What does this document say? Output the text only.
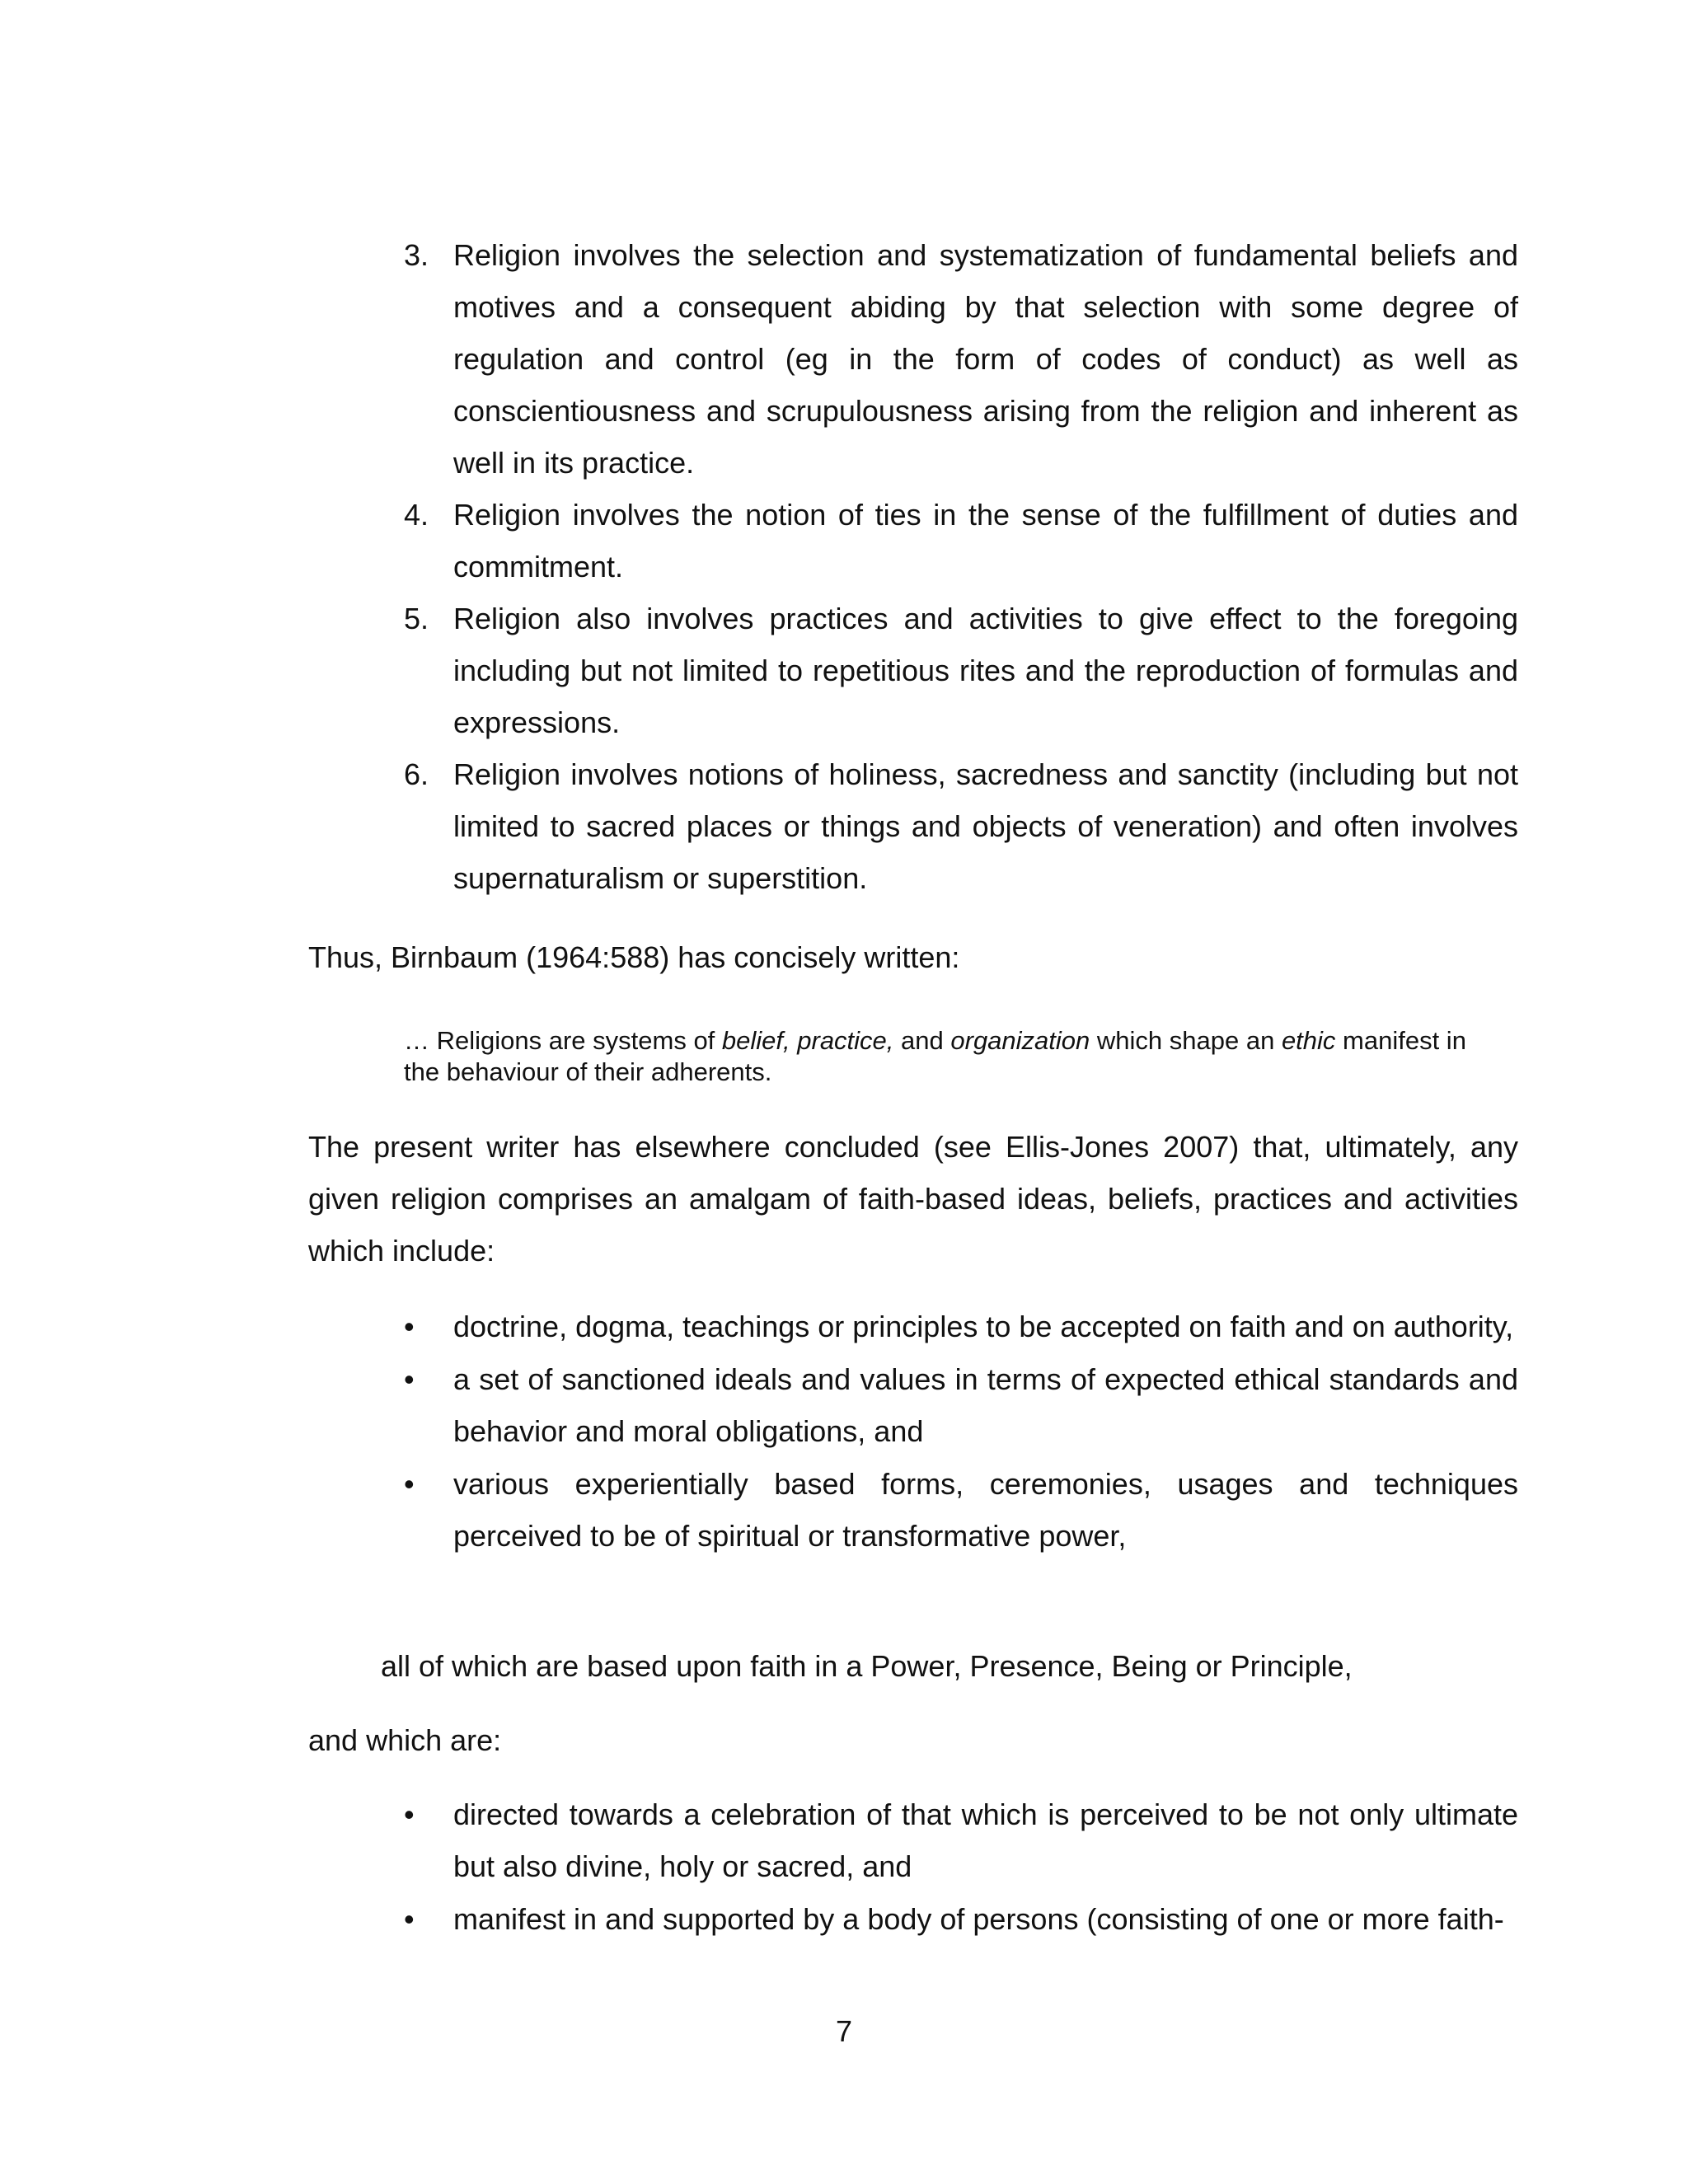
3. Religion involves the selection and systematization of fundamental beliefs and motives and a consequent abiding by that selection with some degree of regulation and control (eg in the form of codes of conduct) as well as conscientiousness and scrupulousness arising from the religion and inherent as well in its practice.
4. Religion involves the notion of ties in the sense of the fulfillment of duties and commitment.
5. Religion also involves practices and activities to give effect to the foregoing including but not limited to repetitious rites and the reproduction of formulas and expressions.
6. Religion involves notions of holiness, sacredness and sanctity (including but not limited to sacred places or things and objects of veneration) and often involves supernaturalism or superstition.

Thus, Birnbaum (1964:588) has concisely written:

… Religions are systems of belief, practice, and organization which shape an ethic manifest in the behaviour of their adherents.

The present writer has elsewhere concluded (see Ellis-Jones 2007) that, ultimately, any given religion comprises an amalgam of faith-based ideas, beliefs, practices and activities which include:

• doctrine, dogma, teachings or principles to be accepted on faith and on authority,
• a set of sanctioned ideals and values in terms of expected ethical standards and behavior and moral obligations, and
• various experientially based forms, ceremonies, usages and techniques perceived to be of spiritual or transformative power,

all of which are based upon faith in a Power, Presence, Being or Principle,

and which are:

• directed towards a celebration of that which is perceived to be not only ultimate but also divine, holy or sacred, and
• manifest in and supported by a body of persons (consisting of one or more faith-
7
